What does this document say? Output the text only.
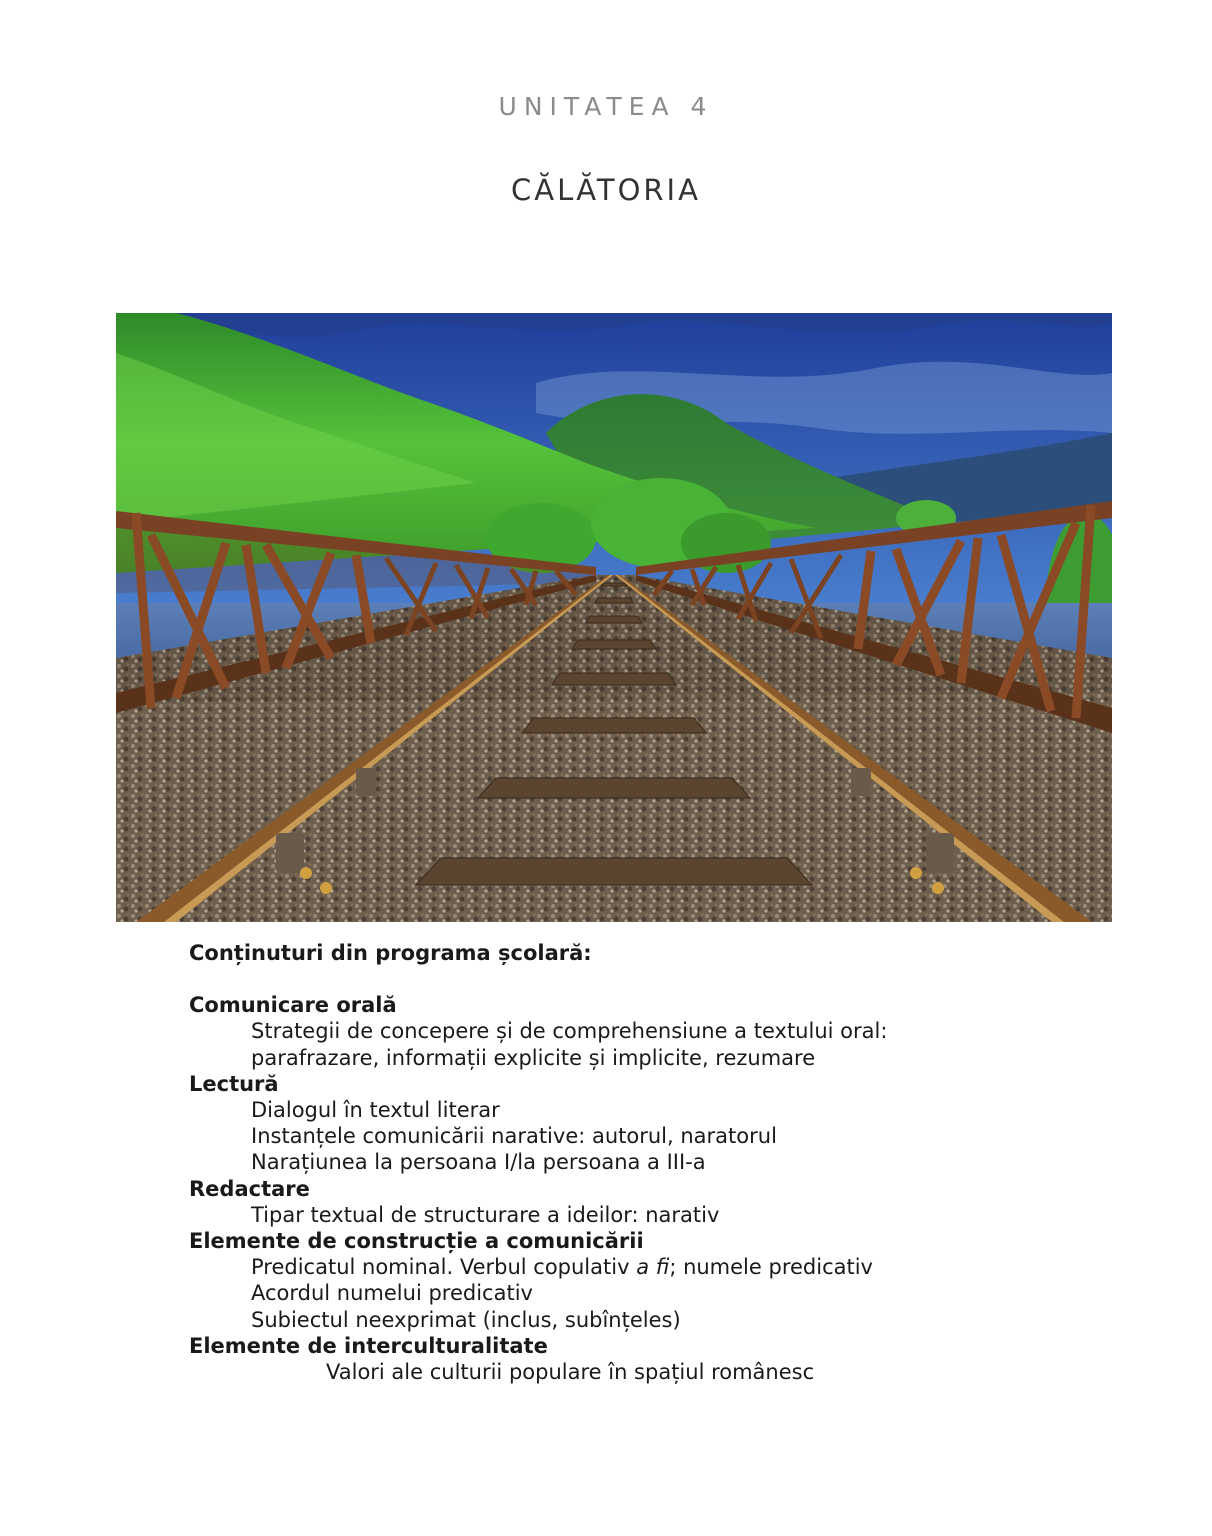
UNITATEA 4
CĂLĂTORIA
Conținuturi din programa școlară:
Comunicare orală
Strategii de concepere și de comprehensiune a textului oral:
parafrazare, informații explicite și implicite, rezumare
Lectură
Dialogul în textul literar
Instanțele comunicării narative: autorul, naratorul
Narațiunea la persoana I/la persoana a III-a
Redactare
Tipar textual de structurare a ideilor: narativ
Elemente de construcție a comunicării
Predicatul nominal. Verbul copulativ a fi; numele predicativ
Acordul numelui predicativ
Subiectul neexprimat (inclus, subînțeles)
Elemente de interculturalitate
Valori ale culturii populare în spațiul românesc
